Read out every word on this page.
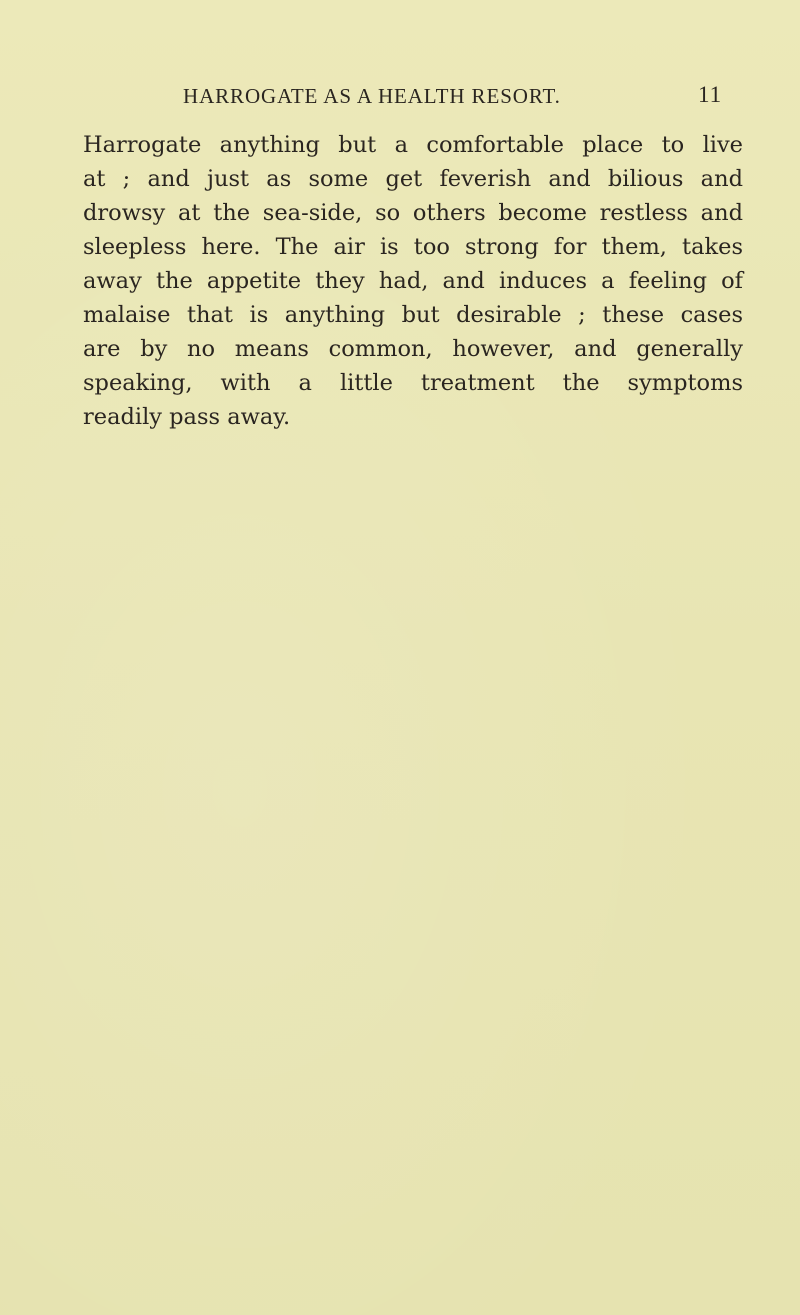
HARROGATE AS A HEALTH RESORT.	11
Harrogate anything but a comfortable place to live
at ; and just as some get feverish and bilious and
drowsy at the sea-side, so others become restless and
sleepless here. The air is too strong for them, takes
away the appetite they had, and induces a feeling of
malaise that is anything but desirable ; these cases
are by no means common, however, and generally
speaking, with a little treatment the symptoms
readily pass away.
